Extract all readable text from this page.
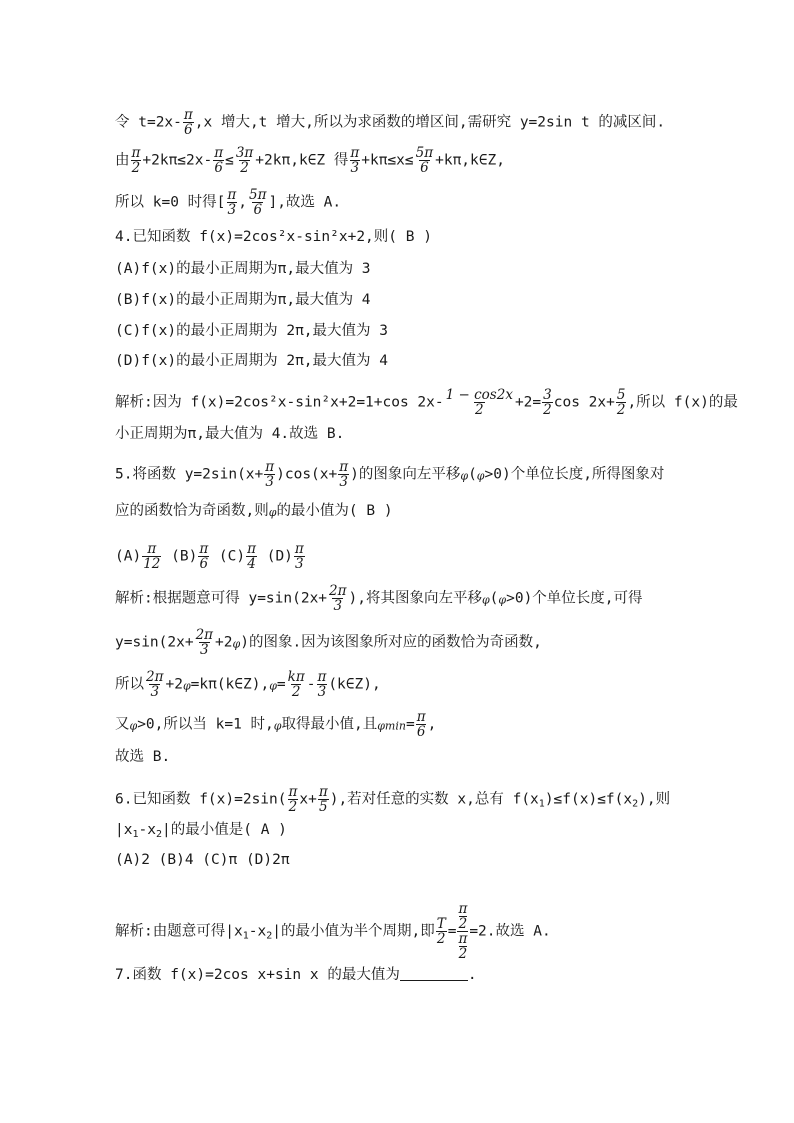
令 $t=2x- \frac{\pi}{6} ,x$ 增大,t 增大,所以为求函数的增区间,需研究 y=2sin t 的减区间.
由 $\frac{\pi}{2} +2k\pi\le 2x- \frac{\pi}{6} \le \frac{3\pi}{2}$ +2kπ,k∈Z 得 $\frac{\pi}{3} +k\pi\le x\le \frac{5\pi}{6}$ +kπ,k∈Z,
所以 k=0 时得[ $\frac{\pi}{3}$ , $\frac{5\pi}{6}$ ],故选 A.
4.已知函数 f(x)=2cos²x-sin²x+2,则( B )
(A)f(x)的最小正周期为π,最大值为 3
(B)f(x)的最小正周期为π,最大值为 4
(C)f(x)的最小正周期为 2π,最大值为 3
(D)f(x)的最小正周期为 2π,最大值为 4
解析:因为 f(x)=2cos²x-sin²x+2=1+cos $2x- \frac{1 - \cos 2x}{2} +2= \frac{3}{2}$ $\cos 2x+ \frac{5}{2}$ ,所以 f(x)的最
小正周期为π,最大值为 4.故选 B.
5.将函数 $y=2\sin(x+ \frac{\pi}{3} )\cos(x+ \frac{\pi}{3}$ )的图象向左平移φ(φ>0)个单位长度,所得图象对
应的函数恰为奇函数,则φ的最小值为( B )
$(A) \frac{\pi}{12} (B) \frac{\pi}{6} (C) \frac{\pi}{4} (D) \frac{\pi}{3}$
解析:根据题意可得 $y=\sin(2x+ \frac{2\pi}{3}$ ),将其图象向左平移φ(φ>0)个单位长度,可得
$y=\sin(2x+ \frac{2\pi}{3} +2\varphi)$的图象.因为该图象所对应的函数恰为奇函数,
所以 $\frac{2\pi}{3}$ +2φ=kπ(k∈Z),φ= $\frac{k\pi}{2} - \frac{\pi}{3}$ (k∈Z),
又φ>0,所以当 k=1 时,φ取得最小值,且$\varphi\min= \frac{\pi}{6}$ ,
故选 B.
6.已知函数 $f(x)=2\sin( \frac{\pi}{2} x+ \frac{\pi}{5}$ ),若对任意的实数 x,总有 $f(x_1)\le f(x)\le f(x_2)$,则
$|x_1-x_2|$的最小值是( A )
(A)2 (B)4 (C)π (D)2π
解析:由题意可得$|x_1-x_2|$的最小值为半个周期,即 $\frac{T}{2} = \pi$
2
π
2 =2.故选 A.
7.函数 f(x)=2cos x+sin x 的最大值为	.
